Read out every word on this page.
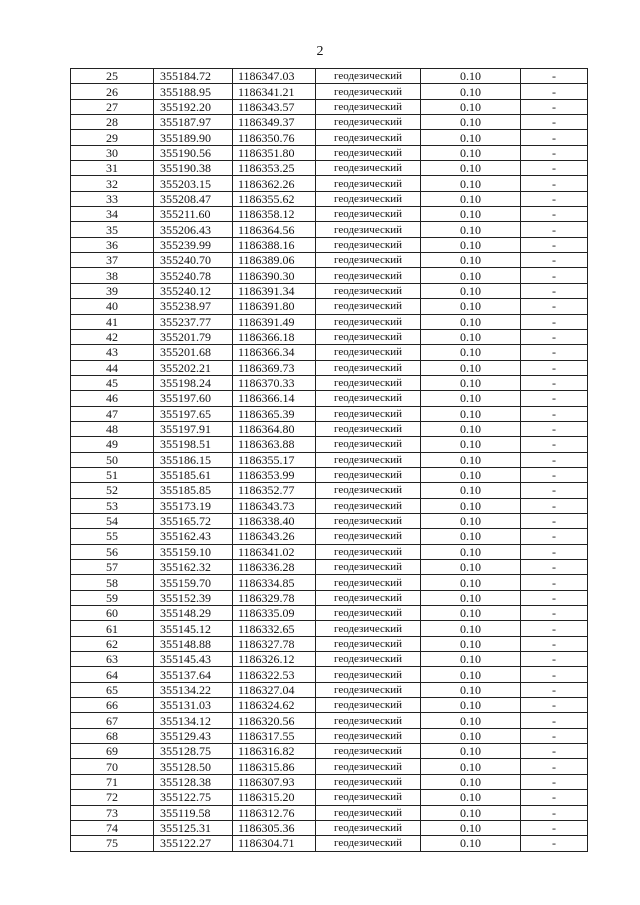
2
25	355184.72	1186347.03	геодезический	0.10	-
26	355188.95	1186341.21	геодезический	0.10	-
27	355192.20	1186343.57	геодезический	0.10	-
28	355187.97	1186349.37	геодезический	0.10	-
29	355189.90	1186350.76	геодезический	0.10	-
30	355190.56	1186351.80	геодезический	0.10	-
31	355190.38	1186353.25	геодезический	0.10	-
32	355203.15	1186362.26	геодезический	0.10	-
33	355208.47	1186355.62	геодезический	0.10	-
34	355211.60	1186358.12	геодезический	0.10	-
35	355206.43	1186364.56	геодезический	0.10	-
36	355239.99	1186388.16	геодезический	0.10	-
37	355240.70	1186389.06	геодезический	0.10	-
38	355240.78	1186390.30	геодезический	0.10	-
39	355240.12	1186391.34	геодезический	0.10	-
40	355238.97	1186391.80	геодезический	0.10	-
41	355237.77	1186391.49	геодезический	0.10	-
42	355201.79	1186366.18	геодезический	0.10	-
43	355201.68	1186366.34	геодезический	0.10	-
44	355202.21	1186369.73	геодезический	0.10	-
45	355198.24	1186370.33	геодезический	0.10	-
46	355197.60	1186366.14	геодезический	0.10	-
47	355197.65	1186365.39	геодезический	0.10	-
48	355197.91	1186364.80	геодезический	0.10	-
49	355198.51	1186363.88	геодезический	0.10	-
50	355186.15	1186355.17	геодезический	0.10	-
51	355185.61	1186353.99	геодезический	0.10	-
52	355185.85	1186352.77	геодезический	0.10	-
53	355173.19	1186343.73	геодезический	0.10	-
54	355165.72	1186338.40	геодезический	0.10	-
55	355162.43	1186343.26	геодезический	0.10	-
56	355159.10	1186341.02	геодезический	0.10	-
57	355162.32	1186336.28	геодезический	0.10	-
58	355159.70	1186334.85	геодезический	0.10	-
59	355152.39	1186329.78	геодезический	0.10	-
60	355148.29	1186335.09	геодезический	0.10	-
61	355145.12	1186332.65	геодезический	0.10	-
62	355148.88	1186327.78	геодезический	0.10	-
63	355145.43	1186326.12	геодезический	0.10	-
64	355137.64	1186322.53	геодезический	0.10	-
65	355134.22	1186327.04	геодезический	0.10	-
66	355131.03	1186324.62	геодезический	0.10	-
67	355134.12	1186320.56	геодезический	0.10	-
68	355129.43	1186317.55	геодезический	0.10	-
69	355128.75	1186316.82	геодезический	0.10	-
70	355128.50	1186315.86	геодезический	0.10	-
71	355128.38	1186307.93	геодезический	0.10	-
72	355122.75	1186315.20	геодезический	0.10	-
73	355119.58	1186312.76	геодезический	0.10	-
74	355125.31	1186305.36	геодезический	0.10	-
75	355122.27	1186304.71	геодезический	0.10	-
